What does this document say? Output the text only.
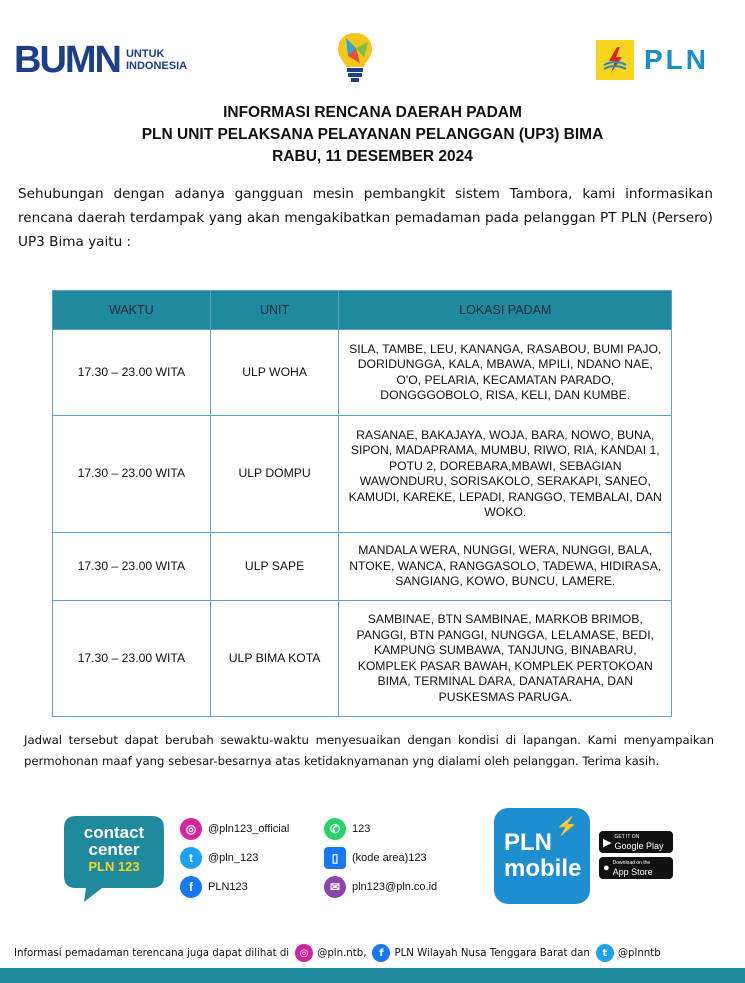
BUMN UNTUK
INDONESIA	PLN
INFORMASI RENCANA DAERAH PADAM
PLN UNIT PELAKSANA PELAYANAN PELANGGAN (UP3) BIMA
RABU, 11 DESEMBER 2024
Sehubungan dengan adanya gangguan mesin pembangkit sistem Tambora, kami informasikan rencana daerah terdampak yang akan mengakibatkan pemadaman pada pelanggan PT PLN (Persero) UP3 Bima yaitu :
WAKTU	UNIT	LOKASI PADAM
17.30 – 23.00 WITA	ULP WOHA	SILA, TAMBE, LEU, KANANGA, RASABOU, BUMI PAJO, DORIDUNGGA, KALA, MBAWA, MPILI, NDANO NAE, O'O, PELARIA, KECAMATAN PARADO, DONGGGOBOLO, RISA, KELI, DAN KUMBE.
17.30 – 23.00 WITA	ULP DOMPU	RASANAE, BAKAJAYA, WOJA, BARA, NOWO, BUNA, SIPON, MADAPRAMA, MUMBU, RIWO, RIA, KANDAI 1, POTU 2, DOREBARA,MBAWI, SEBAGIAN WAWONDURU, SORISAKOLO, SERAKAPI, SANEO, KAMUDI, KAREKE, LEPADI, RANGGO, TEMBALAI, DAN WOKO.
17.30 – 23.00 WITA	ULP SAPE	MANDALA WERA, NUNGGI, WERA, NUNGGI, BALA, NTOKE, WANCA, RANGGASOLO, TADEWA, HIDIRASA, SANGIANG, KOWO, BUNCU, LAMERE.
17.30 – 23.00 WITA	ULP BIMA KOTA	SAMBINAE, BTN SAMBINAE, MARKOB BRIMOB, PANGGI, BTN PANGGI, NUNGGA, LELAMASE, BEDI, KAMPUNG SUMBAWA, TANJUNG, BINABARU, KOMPLEK PASAR BAWAH, KOMPLEK PERTOKOAN BIMA, TERMINAL DARA, DANATARAHA, DAN PUSKESMAS PARUGA.
Jadwal tersebut dapat berubah sewaktu-waktu menyesuaikan dengan kondisi di lapangan. Kami menyampaikan permohonan maaf yang sebesar-besarnya atas ketidaknyamanan yng dialami oleh pelanggan. Terima kasih.
contact
center
PLN 123
◎	@pln123_official
t	@pln_123
f	PLN123
✆	123
▯	(kode area)123
✉	pln123@pln.co.id
PLN
mobile
⚡
▶ GET IT ON
Google Play
● Download on the
App Store
Informasi pemadaman terencana juga dapat dilihat di	◎ @pln.ntb,	f	PLN Wilayah Nusa Tenggara Barat dan	t	@plnntb
